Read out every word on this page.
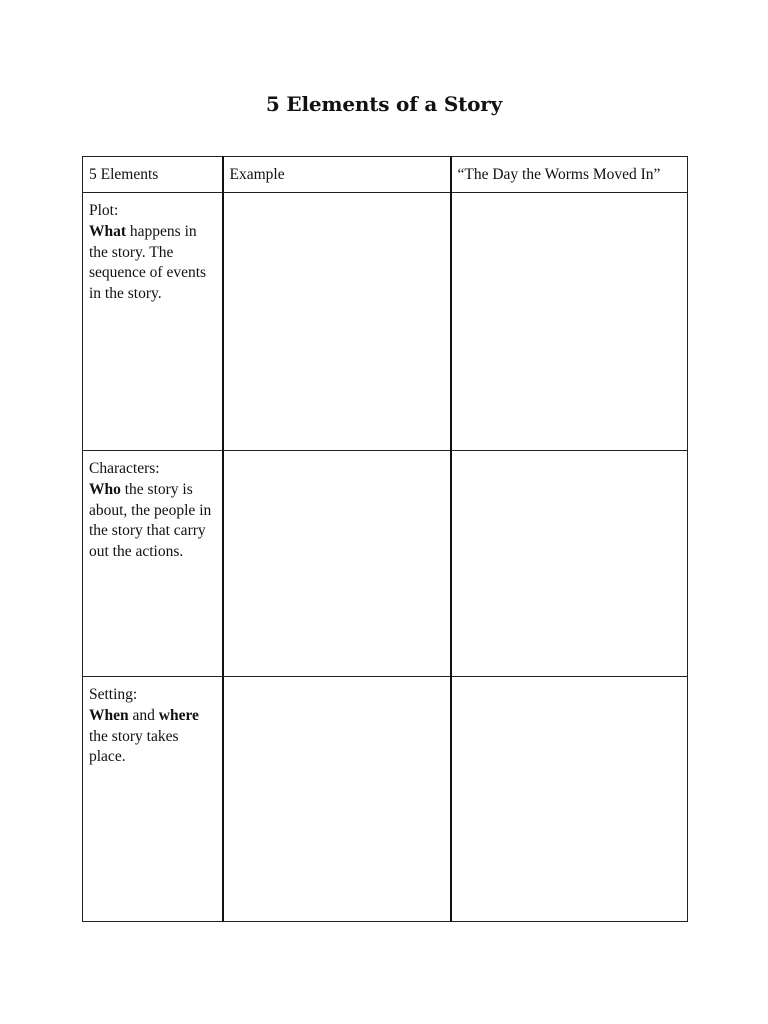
5 Elements of a Story
5 Elements	Example	“The Day the Worms Moved In”

Plot:
What happens in the story. The sequence of events in the story.		

Characters:
Who the story is about, the people in the story that carry out the actions.		

Setting:
When and where the story takes place.		
